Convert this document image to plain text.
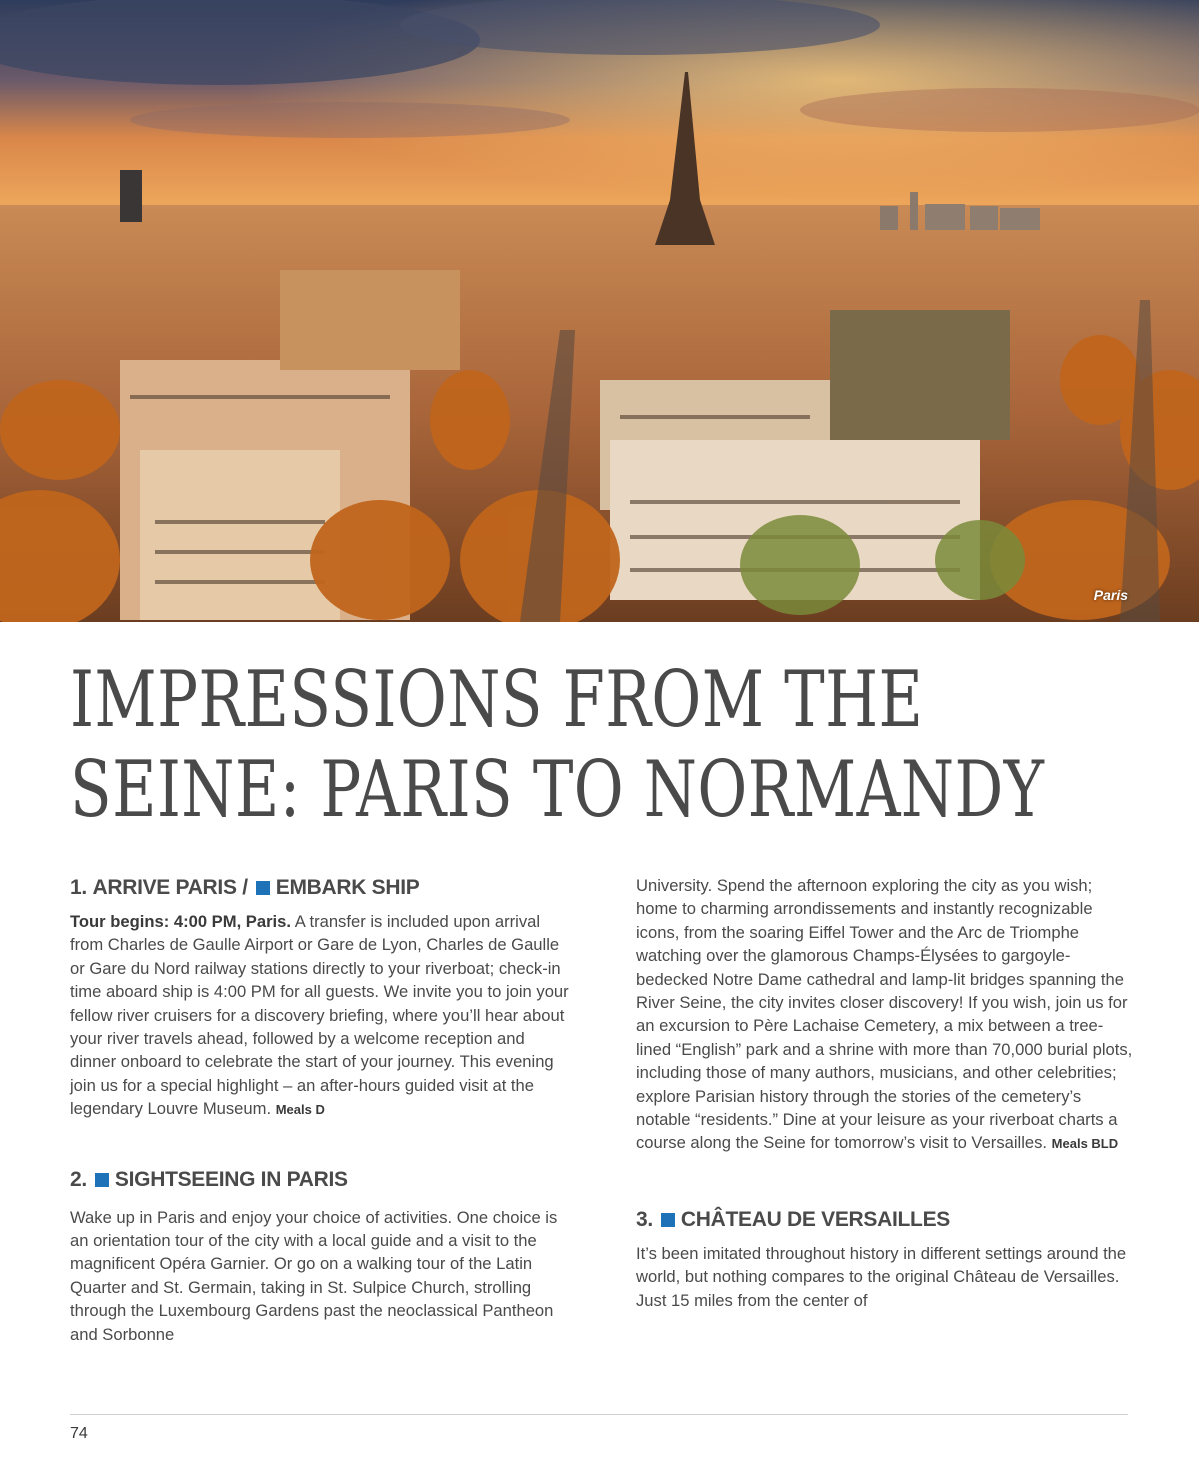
Paris
IMPRESSIONS FROM THE
SEINE: PARIS TO NORMANDY
1.
ARRIVE PARIS / EMBARK SHIP

Tour begins: 4:00 PM, Paris. A transfer is included upon arrival from Charles de Gaulle Airport or Gare de Lyon, Charles de Gaulle or Gare du Nord railway stations directly to your riverboat; check-in time aboard ship is 4:00 PM for all guests. We invite you to join your fellow river cruisers for a discovery briefing, where you’ll hear about your river travels ahead, followed by a welcome reception and dinner onboard to celebrate the start of your journey. This evening join us for a special highlight – an after-hours guided visit at the legendary Louvre Museum. Meals D

2. SIGHTSEEING IN PARIS

Wake up in Paris and enjoy your choice of activities. One choice is an orientation tour of the city with a local guide and a visit to the magnificent Opéra Garnier. Or go on a walking tour of the Latin Quarter and St. Germain, taking in St. Sulpice Church, strolling through the Luxembourg Gardens past the neoclassical Pantheon and Sorbonne

University. Spend the afternoon exploring the city as you wish; home to charming arrondissements and instantly recognizable icons, from the soaring Eiffel Tower and the Arc de Triomphe watching over the glamorous Champs-Élysées to gargoyle-bedecked Notre Dame cathedral and lamp-lit bridges spanning the River Seine, the city invites closer discovery! If you wish, join us for an excursion to Père Lachaise Cemetery, a mix between a tree-lined “English” park and a shrine with more than 70,000 burial plots, including those of many authors, musicians, and other celebrities; explore Parisian history through the stories of the cemetery’s notable “residents.” Dine at your leisure as your riverboat charts a course along the Seine for tomorrow’s visit to Versailles. Meals BLD

3. CHÂTEAU DE VERSAILLES

It’s been imitated throughout history in different settings around the world, but nothing compares to the original Château de Versailles. Just 15 miles from the center of

74
